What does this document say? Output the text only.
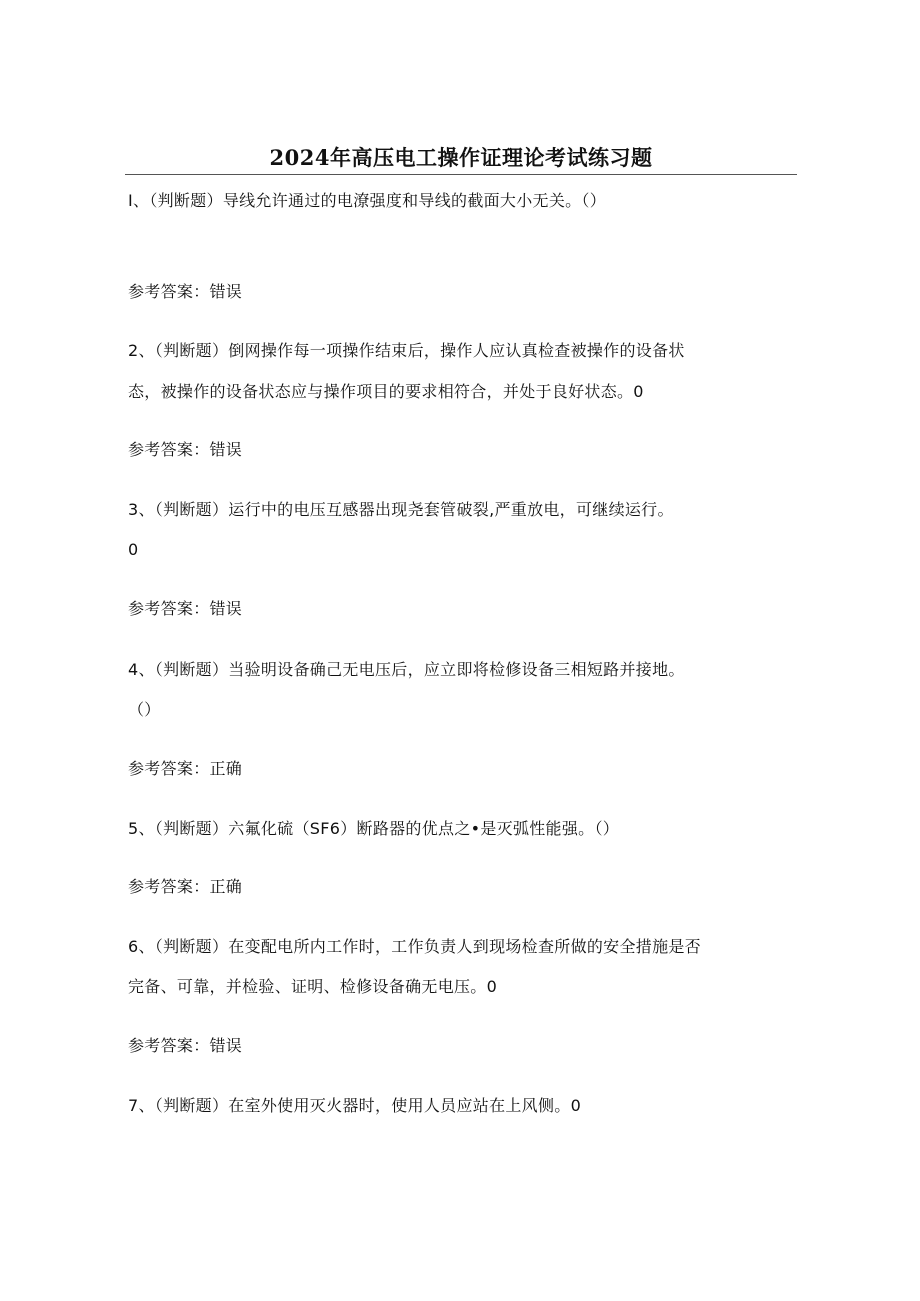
2024年高压电工操作证理论考试练习题
I、（判断题）导线允许通过的电潦强度和导线的截面大小无关。（）
参考答案：错误
2、（判断题）倒网操作每一项操作结束后，操作人应认真检查被操作的设备状
态，被操作的设备状态应与操作项目的要求相符合，并处于良好状态。0
参考答案：错误
3、（判断题）运行中的电压互感器出现尧套管破裂,严重放电，可继续运行。
0
参考答案：错误
4、（判断题）当验明设备确己无电压后，应立即将检修设备三相短路并接地。
（）
参考答案：正确
5、（判断题）六氟化硫（SF6）断路器的优点之•是灭弧性能强。（）
参考答案：正确
6、（判断题）在变配电所内工作时，工作负责人到现场检查所做的安全措施是否
完备、可靠，并检验、证明、检修设备确无电压。0
参考答案：错误
7、（判断题）在室外使用灭火器时，使用人员应站在上风侧。0
